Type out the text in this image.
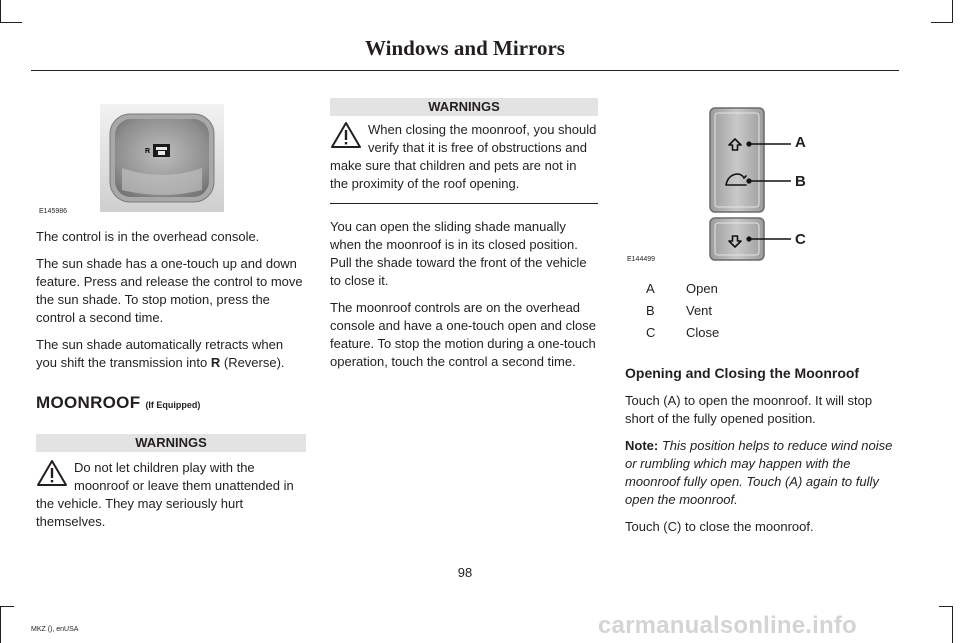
Windows and Mirrors
R
E145986

The control is in the overhead console.

The sun shade has a one-touch up and down feature. Press and release the control to move the sun shade. To stop motion, press the control a second time.

The sun shade automatically retracts when you shift the transmission into R (Reverse).

MOONROOF (If Equipped)
WARNINGS
Do not let children play with the moonroof or leave them unattended in the vehicle. They may seriously hurt themselves.
WARNINGS
When closing the moonroof, you should verify that it is free of obstructions and make sure that children and pets are not in the proximity of the roof opening.

You can open the sliding shade manually when the moonroof is in its closed position. Pull the shade toward the front of the vehicle to close it.

The moonroof controls are on the overhead console and have a one-touch open and close feature. To stop the motion during a one-touch operation, touch the control a second time.

A
B
C
E144499
A	Open
B	Vent
C	Close
Opening and Closing the Moonroof

Touch (A) to open the moonroof. It will stop short of the fully opened position.

Note: This position helps to reduce wind noise or rumbling which may happen with the moonroof fully open. Touch (A) again to fully open the moonroof.

Touch (C) to close the moonroof.

98
MKZ (), enUSA	carmanualsonline.info
